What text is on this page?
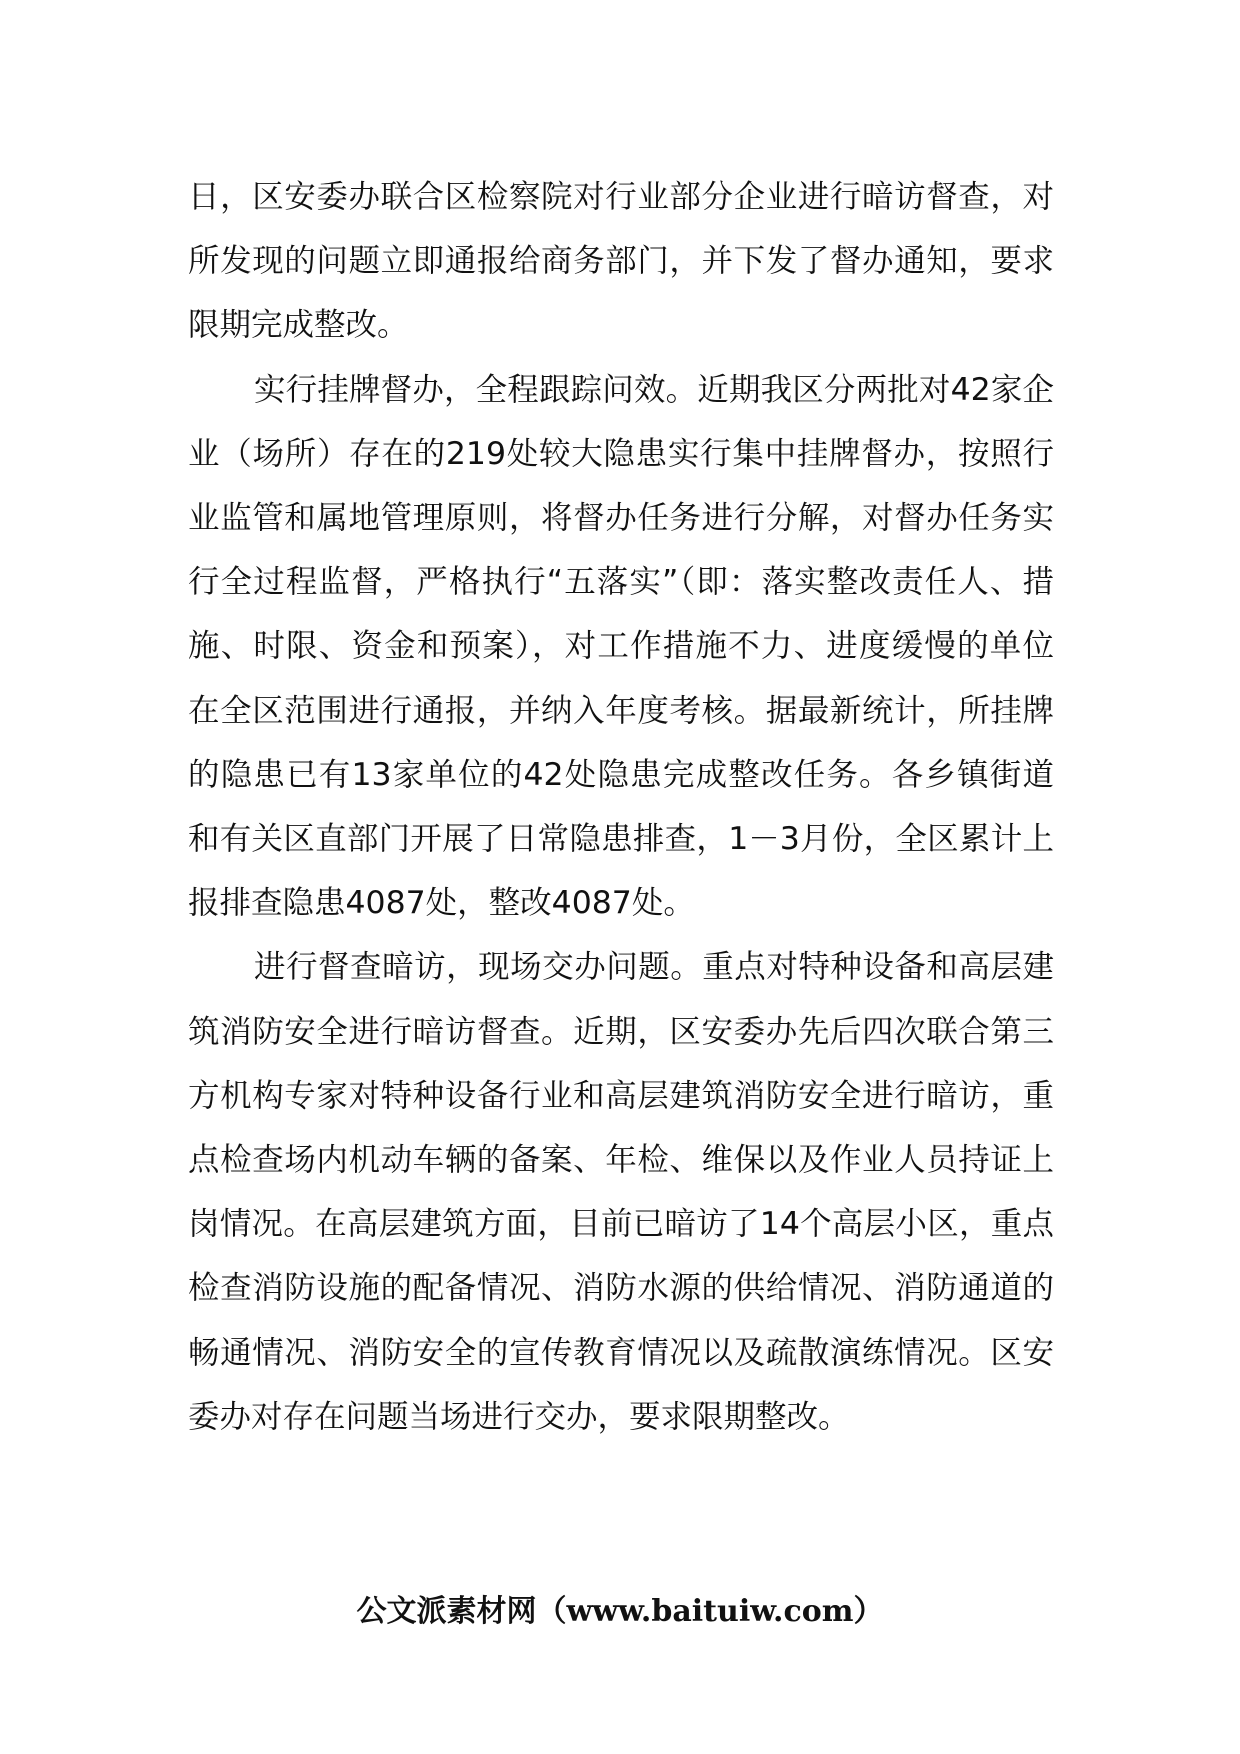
日，区安委办联合区检察院对行业部分企业进行暗访督查，对所发现的问题立即通报给商务部门，并下发了督办通知，要求限期完成整改。

实行挂牌督办，全程跟踪问效。近期我区分两批对42家企业（场所）存在的219处较大隐患实行集中挂牌督办，按照行业监管和属地管理原则，将督办任务进行分解，对督办任务实行全过程监督，严格执行“五落实”（即：落实整改责任人、措施、时限、资金和预案），对工作措施不力、进度缓慢的单位在全区范围进行通报，并纳入年度考核。据最新统计，所挂牌的隐患已有13家单位的42处隐患完成整改任务。各乡镇街道和有关区直部门开展了日常隐患排查，1－3月份，全区累计上报排查隐患4087处，整改4087处。

进行督查暗访，现场交办问题。重点对特种设备和高层建筑消防安全进行暗访督查。近期，区安委办先后四次联合第三方机构专家对特种设备行业和高层建筑消防安全进行暗访，重点检查场内机动车辆的备案、年检、维保以及作业人员持证上岗情况。在高层建筑方面，目前已暗访了14个高层小区，重点检查消防设施的配备情况、消防水源的供给情况、消防通道的畅通情况、消防安全的宣传教育情况以及疏散演练情况。区安委办对存在问题当场进行交办，要求限期整改。

公文派素材网（www.baituiw.com）
